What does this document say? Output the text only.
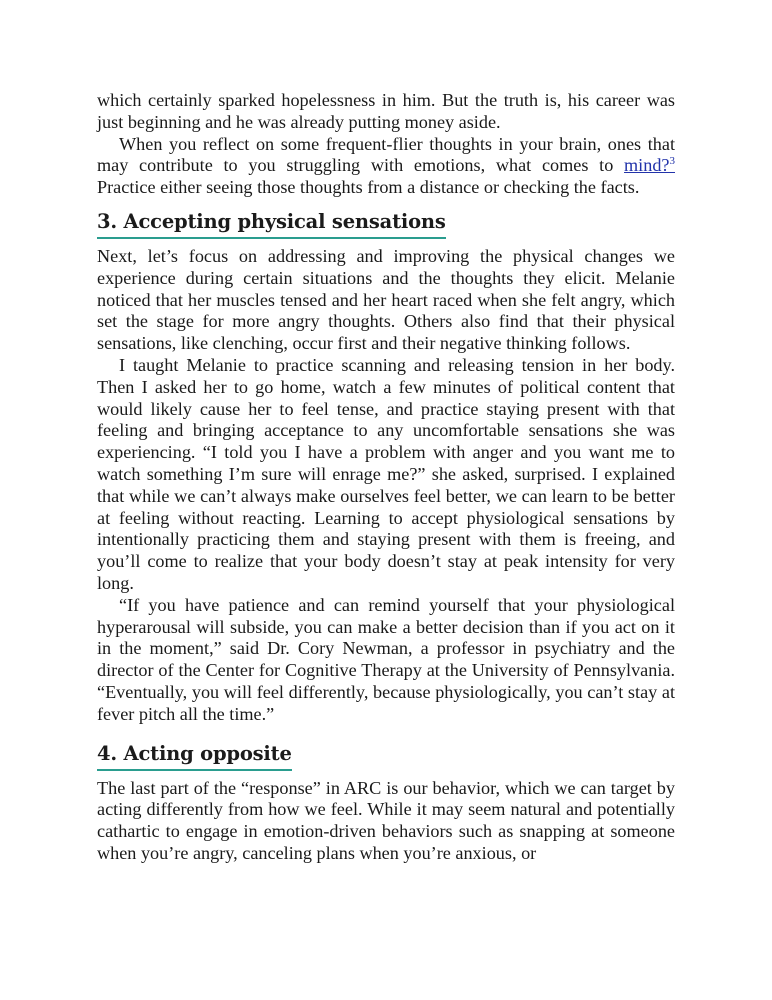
which certainly sparked hopelessness in him. But the truth is, his career was just beginning and he was already putting money aside.

When you reflect on some frequent-flier thoughts in your brain, ones that may contribute to you struggling with emotions, what comes to mind?$^3$ Practice either seeing those thoughts from a distance or checking the facts.

3. Accepting physical sensations

Next, let’s focus on addressing and improving the physical changes we experience during certain situations and the thoughts they elicit. Melanie noticed that her muscles tensed and her heart raced when she felt angry, which set the stage for more angry thoughts. Others also find that their physical sensations, like clenching, occur first and their negative thinking follows.

I taught Melanie to practice scanning and releasing tension in her body. Then I asked her to go home, watch a few minutes of political content that would likely cause her to feel tense, and practice staying present with that feeling and bringing acceptance to any uncomfortable sensations she was experiencing. “I told you I have a problem with anger and you want me to watch something I’m sure will enrage me?” she asked, surprised. I explained that while we can’t always make ourselves feel better, we can learn to be better at feeling without reacting. Learning to accept physiological sensations by intentionally practicing them and staying present with them is freeing, and you’ll come to realize that your body doesn’t stay at peak intensity for very long.

“If you have patience and can remind yourself that your physiological hyperarousal will subside, you can make a better decision than if you act on it in the moment,” said Dr. Cory Newman, a professor in psychiatry and the director of the Center for Cognitive Therapy at the University of Pennsylvania. “Eventually, you will feel differently, because physiologically, you can’t stay at fever pitch all the time.”

4. Acting opposite

The last part of the “response” in ARC is our behavior, which we can target by acting differently from how we feel. While it may seem natural and potentially cathartic to engage in emotion-driven behaviors such as snapping at someone when you’re angry, canceling plans when you’re anxious, or
